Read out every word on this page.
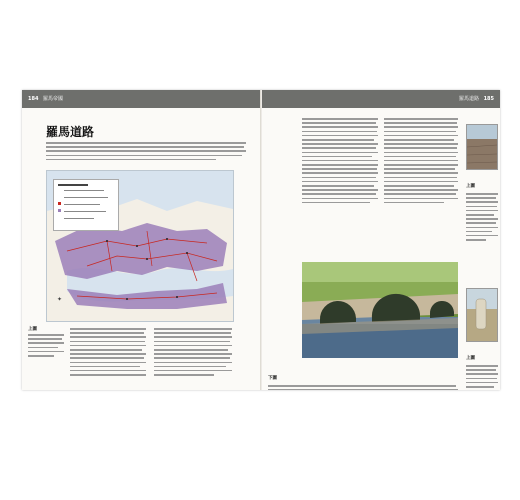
184 羅馬帝國
羅馬道路
✦
上圖
羅馬道路 185
下圖
上圖
上圖
